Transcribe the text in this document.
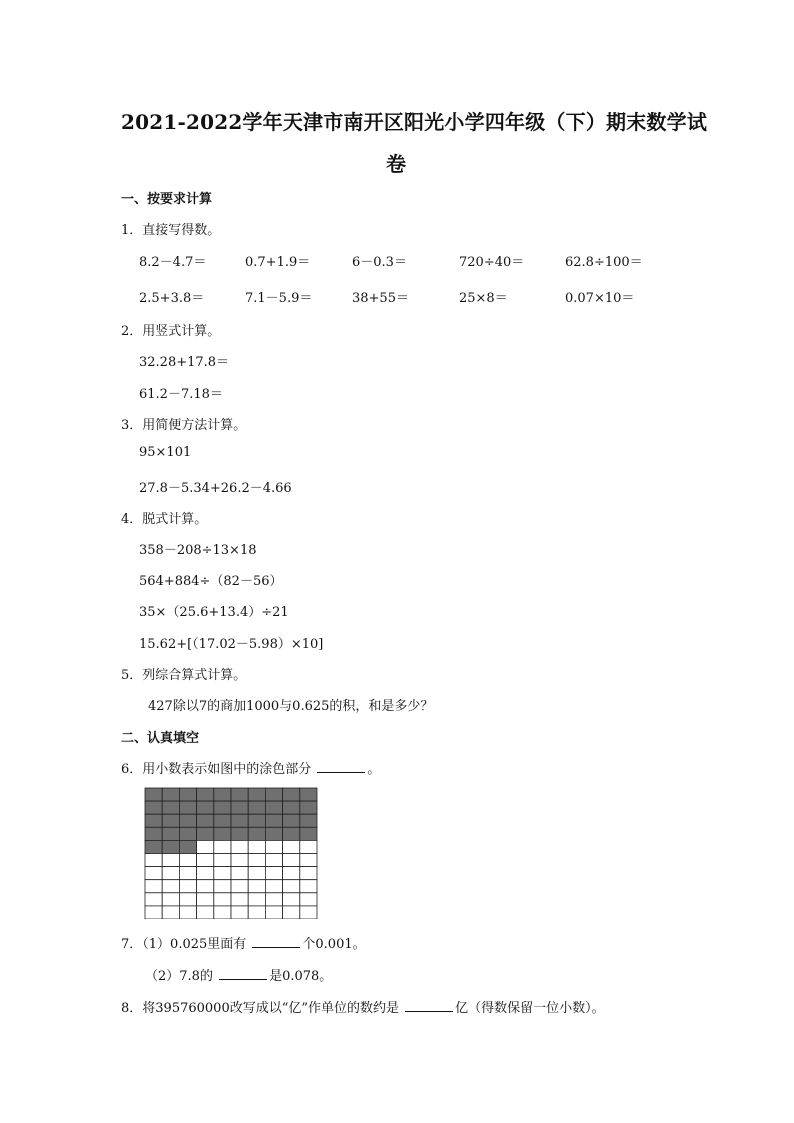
2021-2022学年天津市南开区阳光小学四年级（下）期末数学试
卷
一、按要求计算
1．直接写得数。
8.2－4.7＝	0.7+1.9＝	6－0.3＝	720÷40＝	62.8÷100＝
2.5+3.8＝	7.1－5.9＝	38+55＝	25×8＝	0.07×10＝
2．用竖式计算。
32.28+17.8＝
61.2－7.18＝
3．用简便方法计算。
95×101
27.8－5.34+26.2－4.66
4．脱式计算。
358－208÷13×18
564+884÷（82－56）
35×（25.6+13.4）÷21
15.62+[（17.02－5.98）×10]
5．列综合算式计算。
427除以7的商加1000与0.625的积，和是多少？
二、认真填空
6．用小数表示如图中的涂色部分	。
7．（1）0.025里面有	个0.001。
（2）7.8的	是0.078。
8．将395760000改写成以“亿”作单位的数约是	亿（得数保留一位小数）。
